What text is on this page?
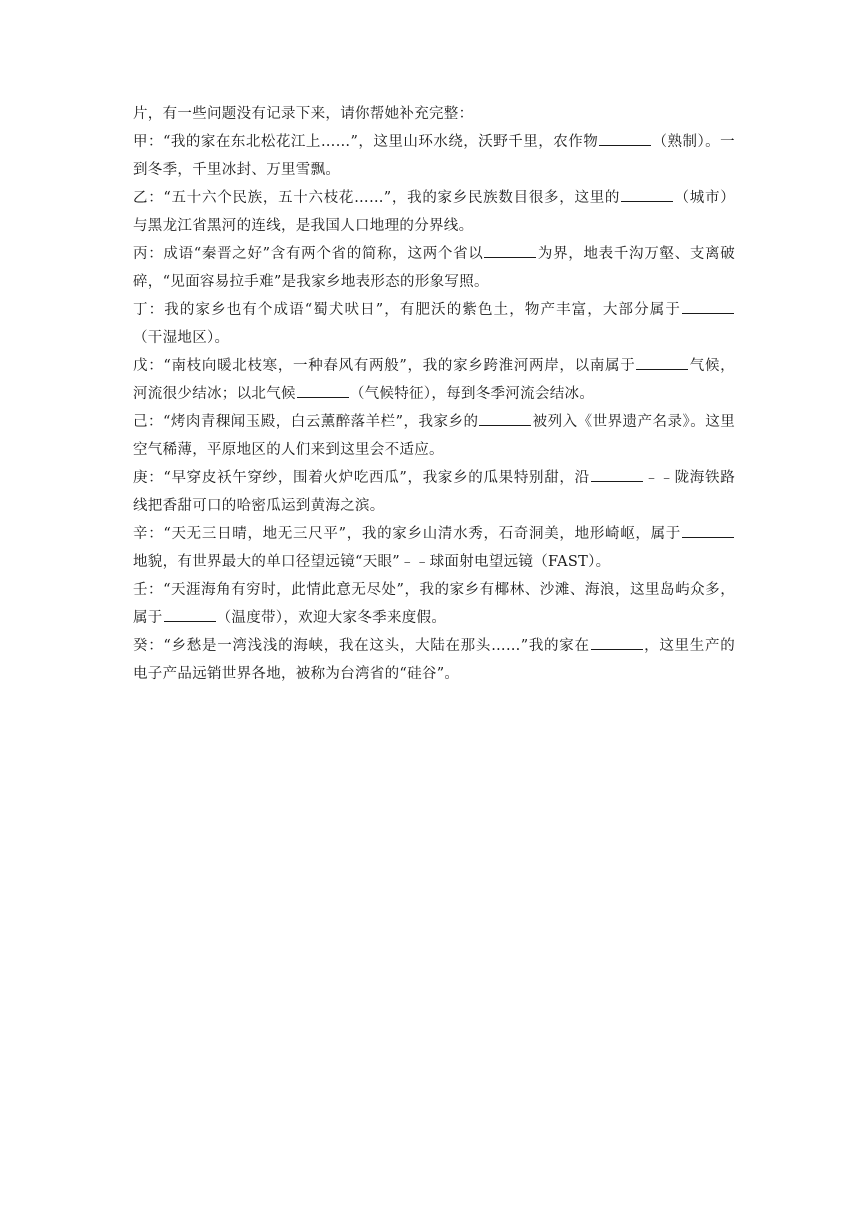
片，有一些问题没有记录下来，请你帮她补充完整：

甲：“我的家在东北松花江上……”，这里山环水绕，沃野千里，农作物	（熟制）。一到冬季，千里冰封、万里雪飘。

乙：“五十六个民族，五十六枝花……”，我的家乡民族数目很多，这里的	（城市）与黑龙江省黑河的连线，是我国人口地理的分界线。

丙：成语“秦晋之好”含有两个省的简称，这两个省以	为界，地表千沟万壑、支离破碎，“见面容易拉手难”是我家乡地表形态的形象写照。

丁：我的家乡也有个成语“蜀犬吠日”，有肥沃的紫色土，物产丰富，大部分属于（干湿地区）。

戊：“南枝向暖北枝寒，一种春风有两般”，我的家乡跨淮河两岸，以南属于	气候，河流很少结冰；以北气候	（气候特征），每到冬季河流会结冰。

己：“烤肉青稞闻玉殿，白云薰醉落羊栏”，我家乡的	被列入《世界遗产名录》。这里空气稀薄，平原地区的人们来到这里会不适应。

庚：“早穿皮袄午穿纱，围着火炉吃西瓜”，我家乡的瓜果特别甜，沿	﹣﹣陇海铁路线把香甜可口的哈密瓜运到黄海之滨。

辛：“天无三日晴，地无三尺平”，我的家乡山清水秀，石奇洞美，地形崎岖，属于地貌，有世界最大的单口径望远镜“天眼”﹣﹣球面射电望远镜（FAST）。

壬：“天涯海角有穷时，此情此意无尽处”，我的家乡有椰林、沙滩、海浪，这里岛屿众多，属于	（温度带），欢迎大家冬季来度假。

癸：“乡愁是一湾浅浅的海峡，我在这头，大陆在那头……”我的家在	，这里生产的电子产品远销世界各地，被称为台湾省的“硅谷”。
